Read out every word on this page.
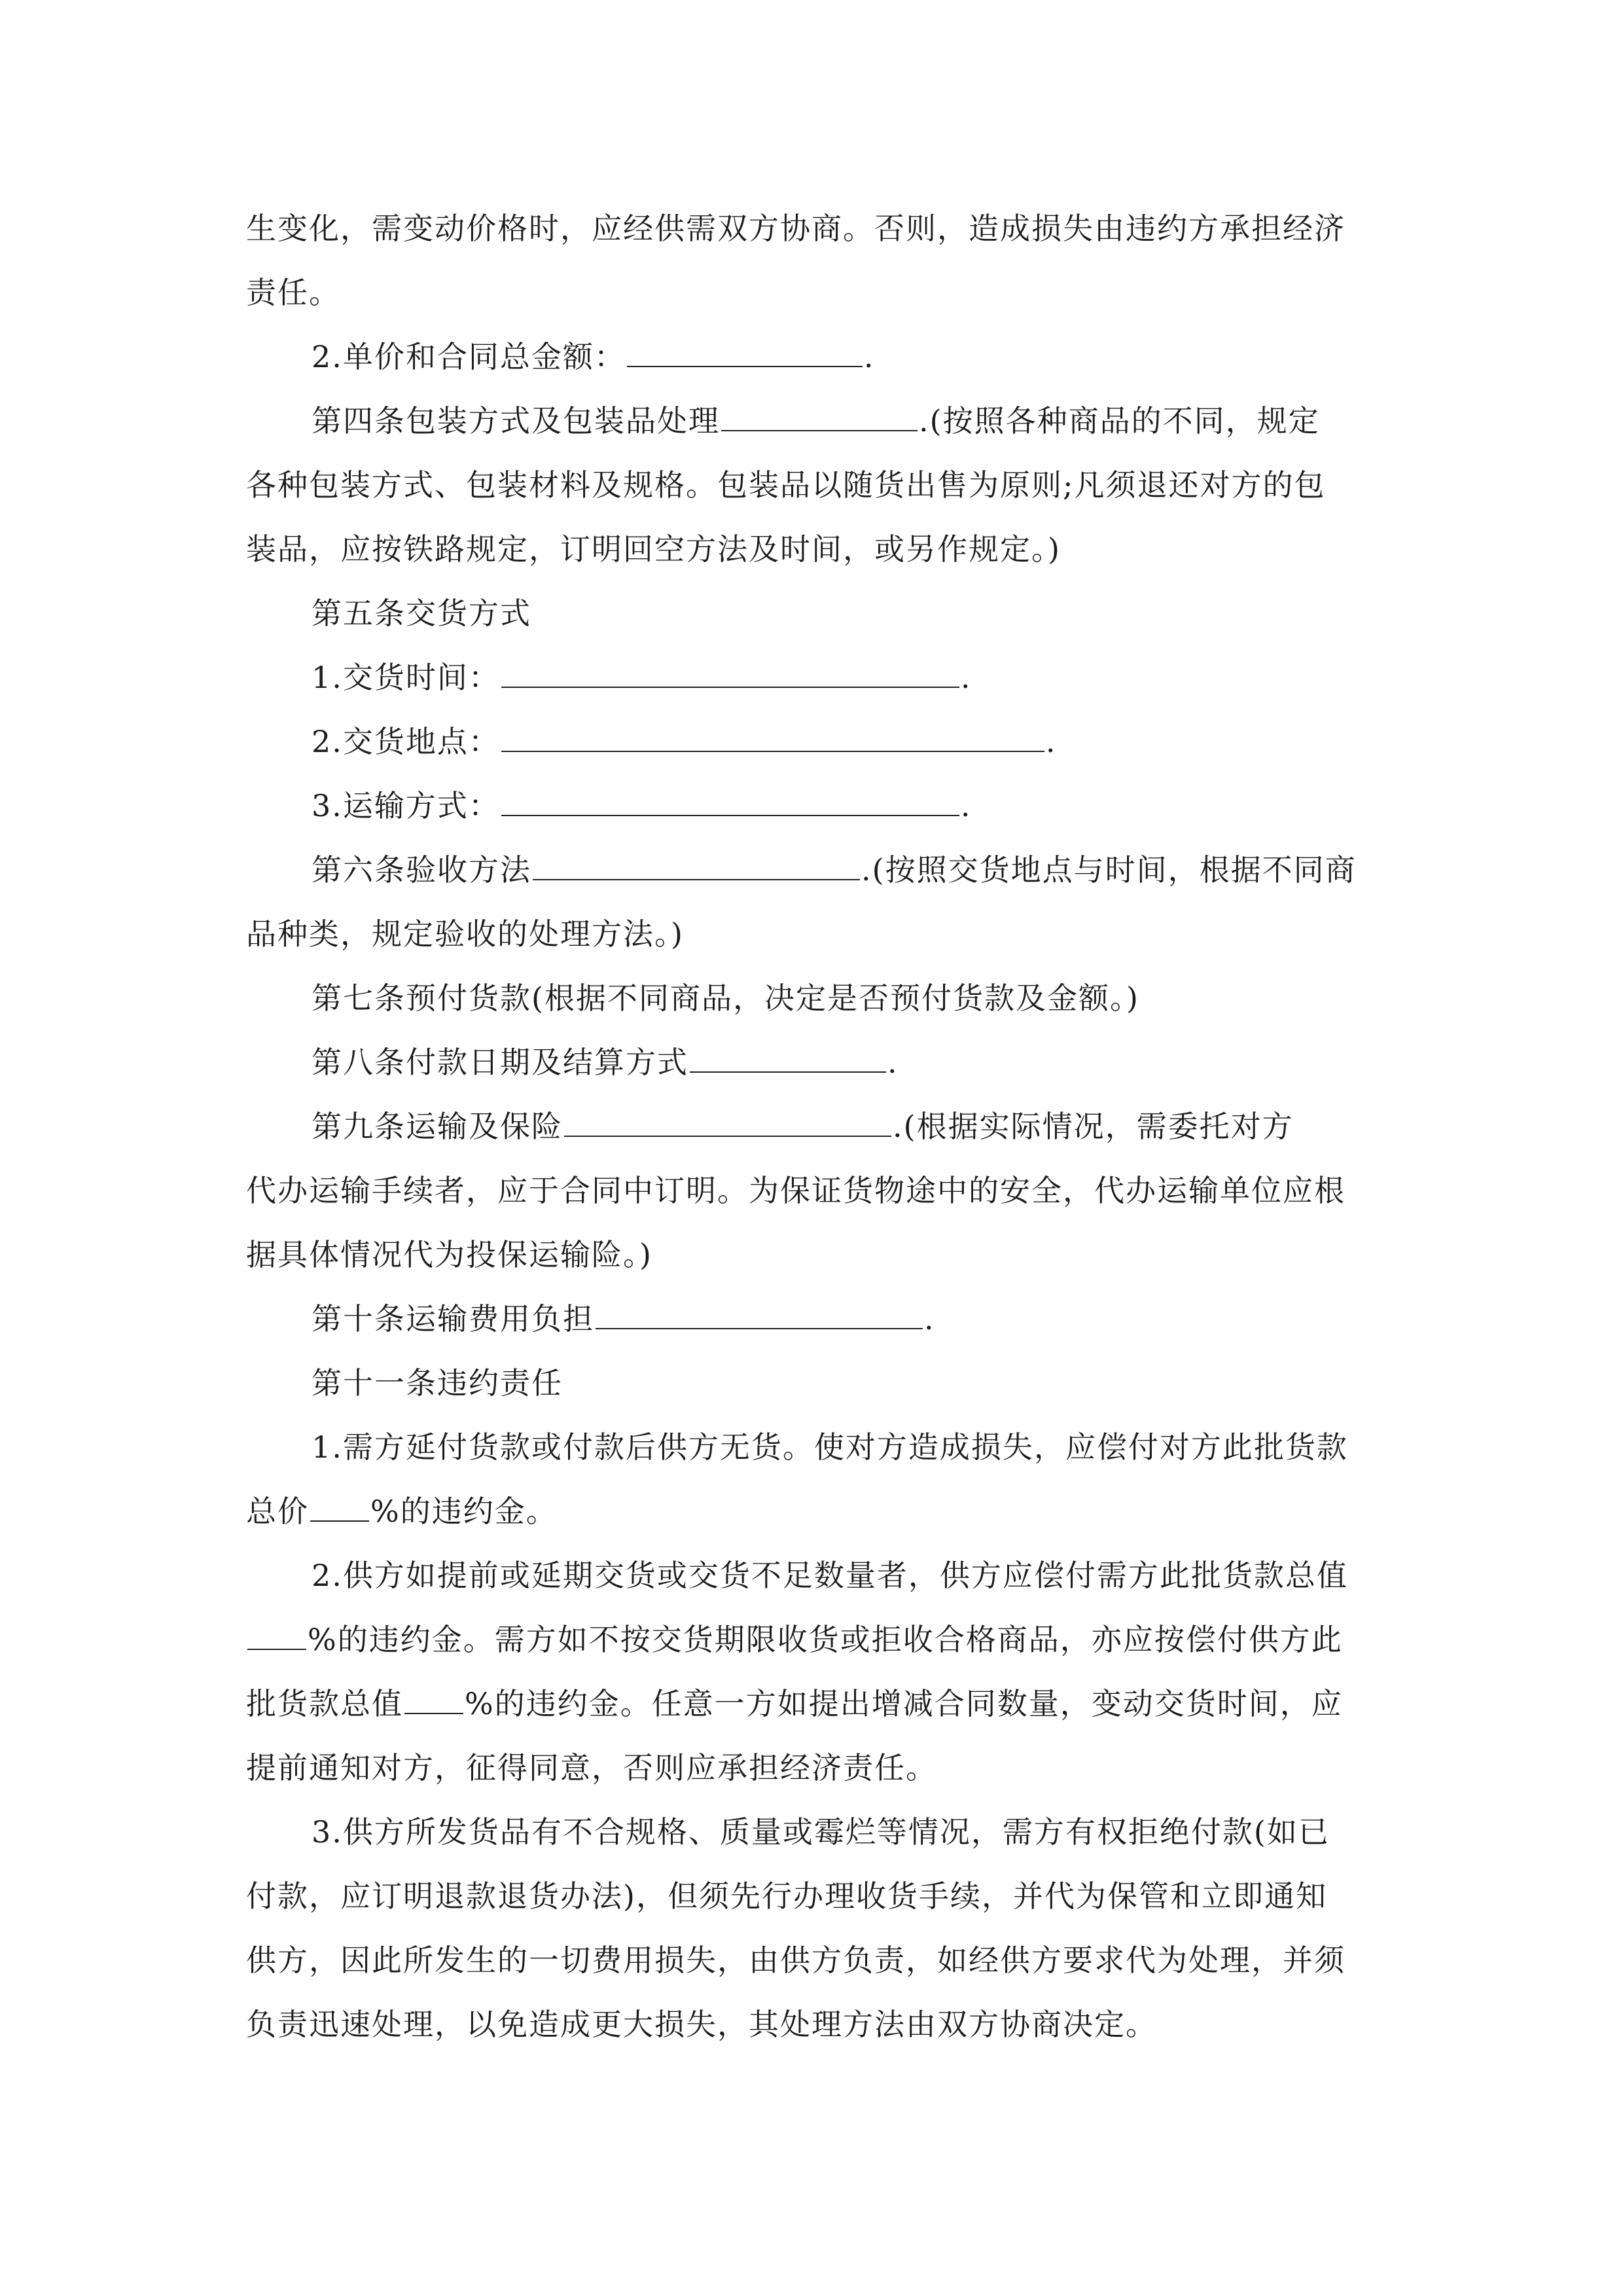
生变化，需变动价格时，应经供需双方协商。否则，造成损失由违约方承担经济
责任。
2.单价和合同总金额：	.
第四条包装方式及包装品处理	.(按照各种商品的不同，规定
各种包装方式、包装材料及规格。包装品以随货出售为原则;凡须退还对方的包
装品，应按铁路规定，订明回空方法及时间，或另作规定。)
第五条交货方式
1.交货时间：	.
2.交货地点：	.
3.运输方式：	.
第六条验收方法	.(按照交货地点与时间，根据不同商
品种类，规定验收的处理方法。)
第七条预付货款(根据不同商品，决定是否预付货款及金额。)
第八条付款日期及结算方式	.
第九条运输及保险	.(根据实际情况，需委托对方
代办运输手续者，应于合同中订明。为保证货物途中的安全，代办运输单位应根
据具体情况代为投保运输险。)
第十条运输费用负担	.
第十一条违约责任
1.需方延付货款或付款后供方无货。使对方造成损失，应偿付对方此批货款
总价 %的违约金。
2.供方如提前或延期交货或交货不足数量者，供方应偿付需方此批货款总值
%的违约金。需方如不按交货期限收货或拒收合格商品，亦应按偿付供方此
批货款总值 %的违约金。任意一方如提出增减合同数量，变动交货时间，应
提前通知对方，征得同意，否则应承担经济责任。
3.供方所发货品有不合规格、质量或霉烂等情况，需方有权拒绝付款(如已
付款，应订明退款退货办法)，但须先行办理收货手续，并代为保管和立即通知
供方，因此所发生的一切费用损失，由供方负责，如经供方要求代为处理，并须
负责迅速处理，以免造成更大损失，其处理方法由双方协商决定。
